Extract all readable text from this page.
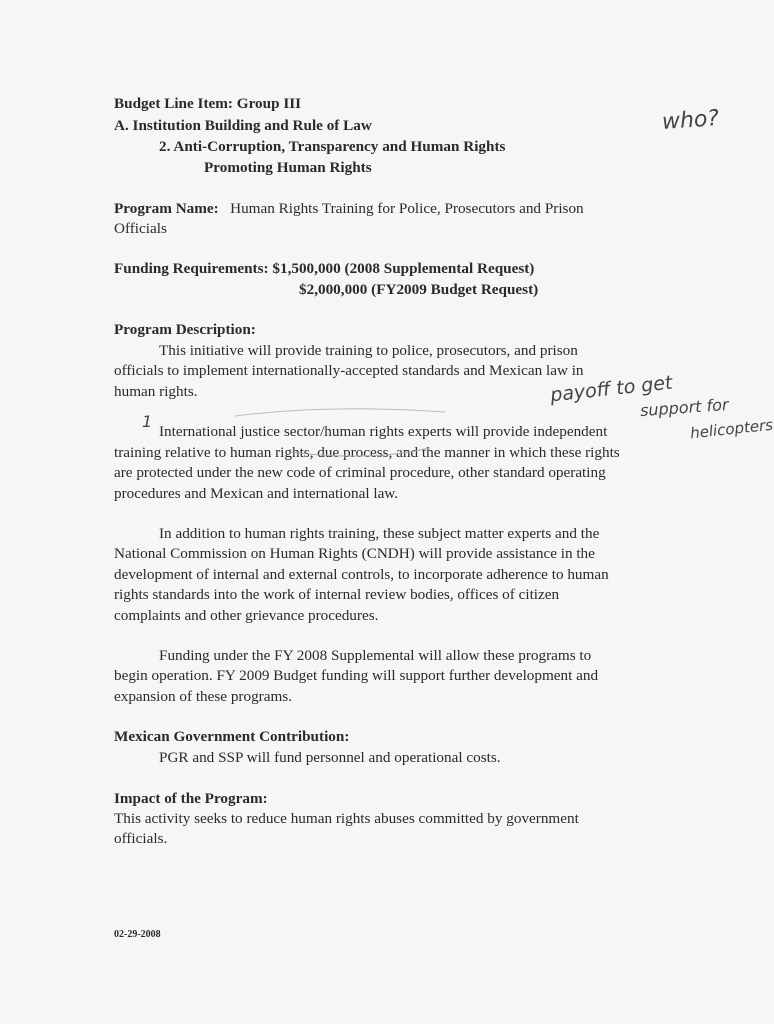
Budget Line Item: Group III
A. Institution Building and Rule of Law
2. Anti-Corruption, Transparency and Human Rights
Promoting Human Rights
Program Name: Human Rights Training for Police, Prosecutors and Prison
Officials
Funding Requirements: $1,500,000 (2008 Supplemental Request)
$2,000,000 (FY2009 Budget Request)
Program Description:
This initiative will provide training to police, prosecutors, and prison
officials to implement internationally-accepted standards and Mexican law in
human rights.
International justice sector/human rights experts will provide independent
training relative to human rights, due process, and the manner in which these rights
are protected under the new code of criminal procedure, other standard operating
procedures and Mexican and international law.
In addition to human rights training, these subject matter experts and the
National Commission on Human Rights (CNDH) will provide assistance in the
development of internal and external controls, to incorporate adherence to human
rights standards into the work of internal review bodies, offices of citizen
complaints and other grievance procedures.
Funding under the FY 2008 Supplemental will allow these programs to
begin operation. FY 2009 Budget funding will support further development and
expansion of these programs.
Mexican Government Contribution:
PGR and SSP will fund personnel and operational costs.
Impact of the Program:
This activity seeks to reduce human rights abuses committed by government
officials.
02-29-2008
who?
payoff to get
support for
helicopters
1
